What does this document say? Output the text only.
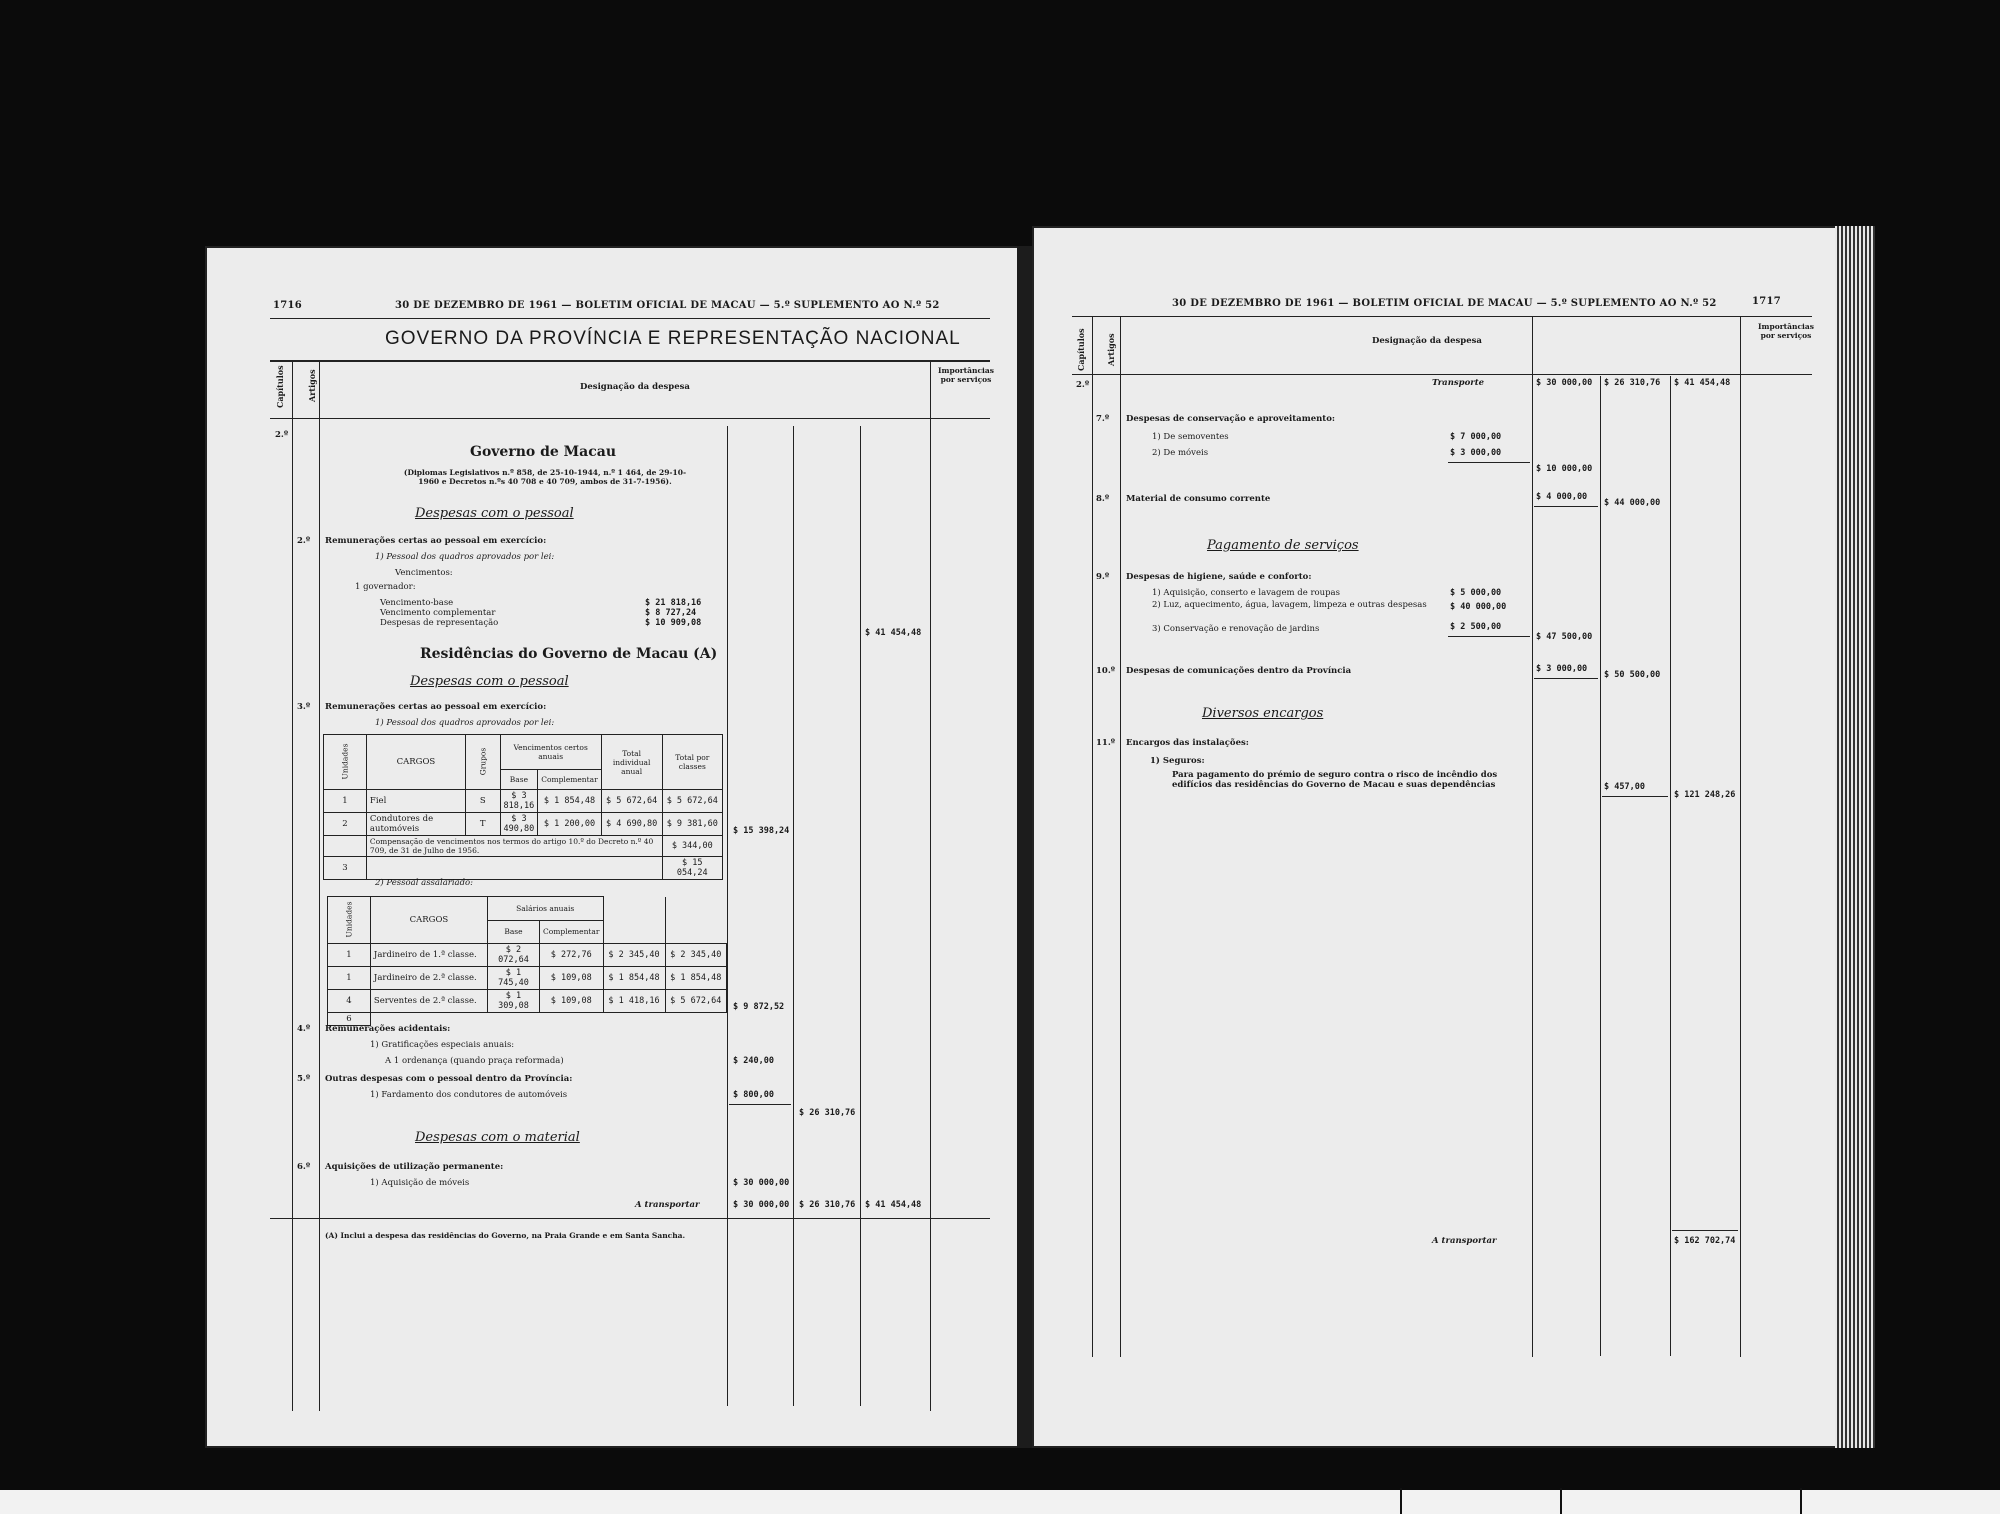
1716	30 DE DEZEMBRO DE 1961 — BOLETIM OFICIAL DE MACAU — 5.º SUPLEMENTO AO N.º 52
GOVERNO DA PROVÍNCIA E REPRESENTAÇÃO NACIONAL
Capítulos	Artigos	Designação da despesa
Importâncias por serviços
2.º
Governo de Macau
(Diplomas Legislativos n.º 858, de 25-10-1944, n.º 1 464, de 29-10-1960 e Decretos n.ºs 40 708 e 40 709, ambos de 31-7-1956).
Despesas com o pessoal
2.º Remunerações certas ao pessoal em exercício:
1) Pessoal dos quadros aprovados por lei:
Vencimentos:
1 governador:
Vencimento-base	$ 21 818,16
Vencimento complementar	$ 8 727,24
Despesas de representação	$ 10 909,08
$ 41 454,48
Residências do Governo de Macau (A)
Despesas com o pessoal
3.º Remunerações certas ao pessoal em exercício:
1) Pessoal dos quadros aprovados por lei:
Unidades	CARGOS	Grupos	Vencimentos certos anuais		Total individual anual	Total por classes
			Base	Complementar		
1	Fiel	S	$ 3 818,16	$ 1 854,48	$ 5 672,64	$ 5 672,64
2	Condutores de automóveis	T	$ 3 490,80	$ 1 200,00	$ 4 690,80	$ 9 381,60
	Compensação de vencimentos nos termos do artigo 10.º do Decreto n.º 40 709, de 31 de Julho de 1956.					$ 344,00
3						$ 15 054,24
$ 15 398,24
2) Pessoal assalariado:
Unidades	CARGOS	Salários anuais			
		Base	Complementar		
1	Jardineiro de 1.ª classe.	$ 2 072,64	$ 272,76	$ 2 345,40	$ 2 345,40
1	Jardineiro de 2.ª classe.	$ 1 745,40	$ 109,08	$ 1 854,48	$ 1 854,48
4	Serventes de 2.ª classe.	$ 1 309,08	$ 109,08	$ 1 418,16	$ 5 672,64
6					
$ 9 872,52
4.º Remunerações acidentais:
1) Gratificações especiais anuais:
A 1 ordenança (quando praça reformada)	$ 240,00
5.º Outras despesas com o pessoal dentro da Província:
1) Fardamento dos condutores de automóveis	$ 800,00
$ 26 310,76
Despesas com o material
6.º Aquisições de utilização permanente:
1) Aquisição de móveis	$ 30 000,00
A transportar	$ 30 000,00 $ 26 310,76 $ 41 454,48
(A) Inclui a despesa das residências do Governo, na Praia Grande e em Santa Sancha.
30 DE DEZEMBRO DE 1961 — BOLETIM OFICIAL DE MACAU — 5.º SUPLEMENTO AO N.º 52	1717
Capítulos	Artigos	Designação da despesa
Importâncias por serviços
2.º	Transporte	$ 30 000,00 $ 26 310,76 $ 41 454,48
7.º Despesas de conservação e aproveitamento:
1) De semoventes	$ 7 000,00
2) De móveis	$ 3 000,00
$ 10 000,00
8.º Material de consumo corrente	$ 4 000,00
$ 44 000,00
Pagamento de serviços
9.º Despesas de higiene, saúde e conforto:
1) Aquisição, conserto e lavagem de roupas	$ 5 000,00
2) Luz, aquecimento, água, lavagem, limpeza e outras despesas	$ 40 000,00
3) Conservação e renovação de jardins	$ 2 500,00
$ 47 500,00
10.º Despesas de comunicações dentro da Província	$ 3 000,00
$ 50 500,00
Diversos encargos
11.º Encargos das instalações:
1) Seguros:
Para pagamento do prémio de seguro contra o risco de incêndio dos edifícios das residências do Governo de Macau e suas dependências	$ 457,00
$ 121 248,26
A transportar	$ 162 702,74
